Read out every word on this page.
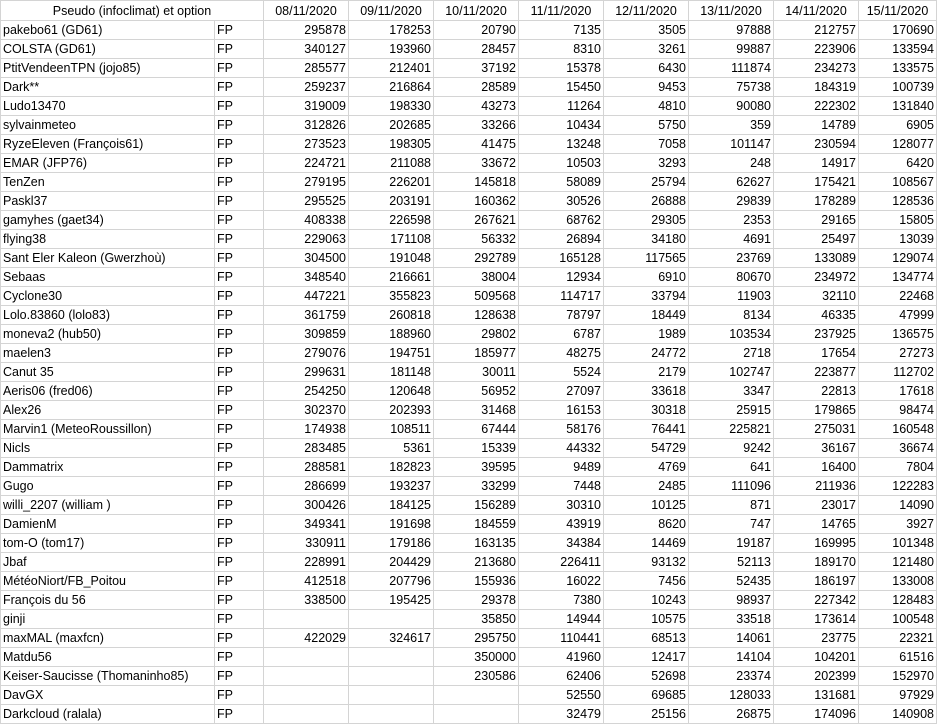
Pseudo (infoclimat) et option		08/11/2020	09/11/2020	10/11/2020	11/11/2020	12/11/2020	13/11/2020	14/11/2020	15/11/2020
pakebo61 (GD61)	FP	295878	178253	20790	7135	3505	97888	212757	170690
COLSTA (GD61)	FP	340127	193960	28457	8310	3261	99887	223906	133594
PtitVendeenTPN (jojo85)	FP	285577	212401	37192	15378	6430	111874	234273	133575
Dark**	FP	259237	216864	28589	15450	9453	75738	184319	100739
Ludo13470	FP	319009	198330	43273	11264	4810	90080	222302	131840
sylvainmeteo	FP	312826	202685	33266	10434	5750	359	14789	6905
RyzeEleven (François61)	FP	273523	198305	41475	13248	7058	101147	230594	128077
EMAR (JFP76)	FP	224721	211088	33672	10503	3293	248	14917	6420
TenZen	FP	279195	226201	145818	58089	25794	62627	175421	108567
Paskl37	FP	295525	203191	160362	30526	26888	29839	178289	128536
gamyhes (gaet34)	FP	408338	226598	267621	68762	29305	2353	29165	15805
flying38	FP	229063	171108	56332	26894	34180	4691	25497	13039
Sant Eler Kaleon (Gwerzhoù)	FP	304500	191048	292789	165128	117565	23769	133089	129074
Sebaas	FP	348540	216661	38004	12934	6910	80670	234972	134774
Cyclone30	FP	447221	355823	509568	114717	33794	11903	32110	22468
Lolo.83860 (lolo83)	FP	361759	260818	128638	78797	18449	8134	46335	47999
moneva2 (hub50)	FP	309859	188960	29802	6787	1989	103534	237925	136575
maelen3	FP	279076	194751	185977	48275	24772	2718	17654	27273
Canut 35	FP	299631	181148	30011	5524	2179	102747	223877	112702
Aeris06 (fred06)	FP	254250	120648	56952	27097	33618	3347	22813	17618
Alex26	FP	302370	202393	31468	16153	30318	25915	179865	98474
Marvin1 (MeteoRoussillon)	FP	174938	108511	67444	58176	76441	225821	275031	160548
Nicls	FP	283485	5361	15339	44332	54729	9242	36167	36674
Dammatrix	FP	288581	182823	39595	9489	4769	641	16400	7804
Gugo	FP	286699	193237	33299	7448	2485	111096	211936	122283
willi_2207 (william )	FP	300426	184125	156289	30310	10125	871	23017	14090
DamienM	FP	349341	191698	184559	43919	8620	747	14765	3927
tom-O (tom17)	FP	330911	179186	163135	34384	14469	19187	169995	101348
Jbaf	FP	228991	204429	213680	226411	93132	52113	189170	121480
MétéoNiort/FB_Poitou	FP	412518	207796	155936	16022	7456	52435	186197	133008
François du 56	FP	338500	195425	29378	7380	10243	98937	227342	128483
ginji	FP			35850	14944	10575	33518	173614	100548
maxMAL (maxfcn)	FP	422029	324617	295750	110441	68513	14061	23775	22321
Matdu56	FP			350000	41960	12417	14104	104201	61516
Keiser-Saucisse (Thomaninho85)	FP			230586	62406	52698	23374	202399	152970
DavGX	FP				52550	69685	128033	131681	97929
Darkcloud (ralala)	FP				32479	25156	26875	174096	140908
